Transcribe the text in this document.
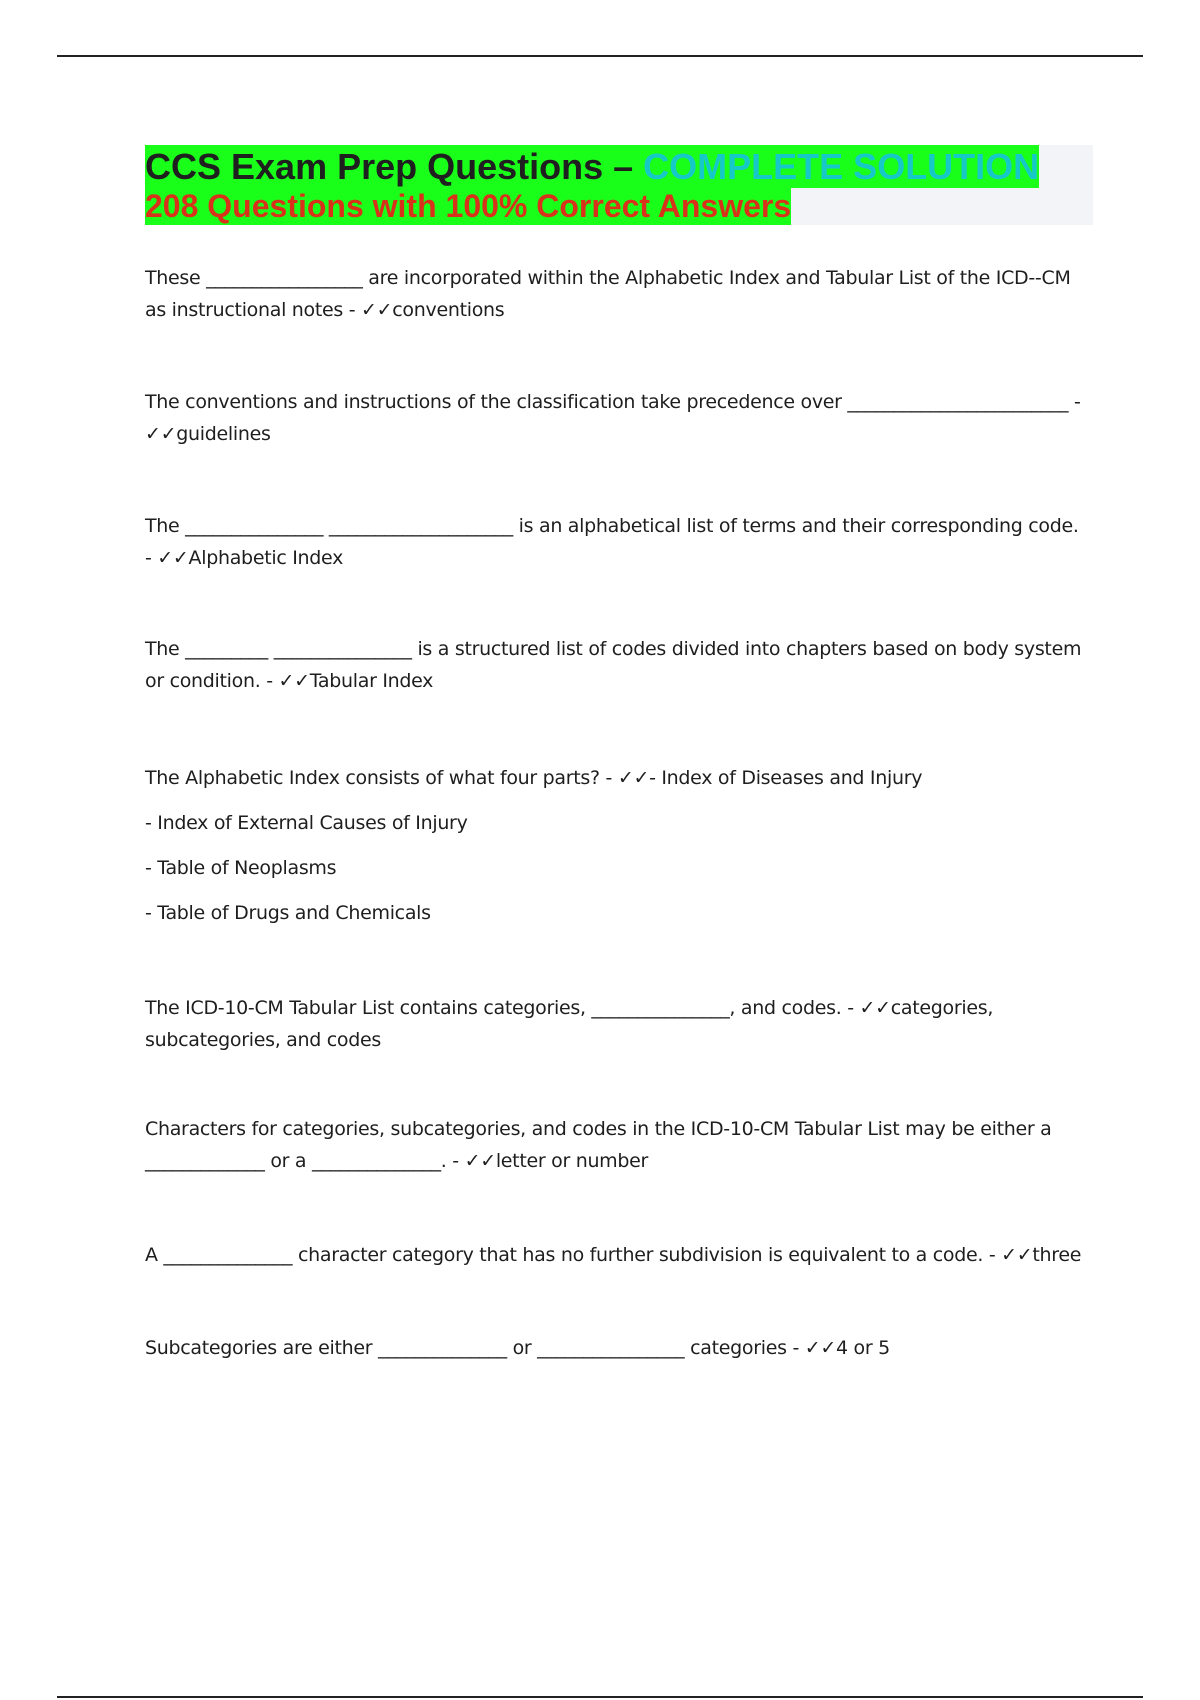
CCS Exam Prep Questions – COMPLETE SOLUTION
208 Questions with 100% Correct Answers

These _________________ are incorporated within the Alphabetic Index and Tabular List of the ICD--CM as instructional notes - ✓✓conventions

The conventions and instructions of the classification take precedence over ________________________ - ✓✓guidelines

The _______________ ____________________ is an alphabetical list of terms and their corresponding code. - ✓✓Alphabetic Index

The _________ _______________ is a structured list of codes divided into chapters based on body system or condition. - ✓✓Tabular Index

The Alphabetic Index consists of what four parts? - ✓✓- Index of Diseases and Injury

- Index of External Causes of Injury

- Table of Neoplasms

- Table of Drugs and Chemicals

The ICD-10-CM Tabular List contains categories, _______________, and codes. - ✓✓categories, subcategories, and codes

Characters for categories, subcategories, and codes in the ICD-10-CM Tabular List may be either a _____________ or a ______________. - ✓✓letter or number

A ______________ character category that has no further subdivision is equivalent to a code. - ✓✓three

Subcategories are either ______________ or ________________ categories - ✓✓4 or 5
